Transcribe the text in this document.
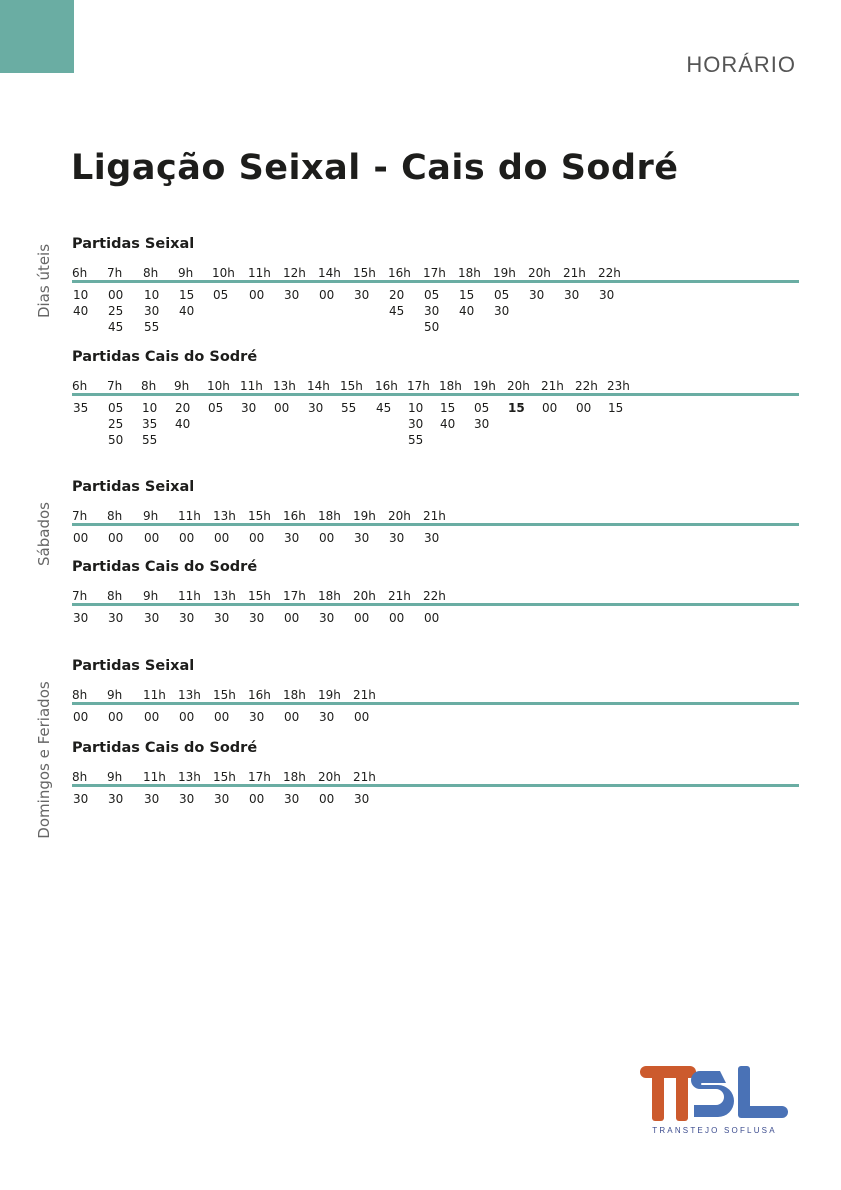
HORÁRIO
Ligação Seixal - Cais do Sodré
Dias úteis
Sábados
Domingos e Feriados
Partidas Seixal
10
40
00
25
45
10
30
55
15
40
05 00 30 00 30 20
45
05
30
50
15
40
05
30
30 30 30
6h 7h 8h 9h 10h 11h 12h 14h 15h 16h 17h 18h 19h 20h 21h 22h
Partidas Cais do Sodré
35 05
25
50
10
35
55
20
40
05 30 00 30 55 45 10
30
55
15
40
05
30
15 00 00 15
6h 7h 8h 9h 10h 11h 13h 14h 15h 16h 17h 18h 19h 20h 21h 22h 23h
Partidas Seixal
00 00 00 00 00 00 30 00 30 30 30
7h 8h 9h 11h 13h 15h 16h 18h 19h 20h 21h
Partidas Cais do Sodré
30 30 30 30 30 30 00 30 00 00 00
7h 8h 9h 11h 13h 15h 17h 18h 20h 21h 22h
Partidas Seixal
00 00 00 00 00 30 00 30 00
8h 9h 11h 13h 15h 16h 18h 19h 21h
Partidas Cais do Sodré
30 30 30 30 30 00 30 00 30
8h 9h 11h 13h 15h 17h 18h 20h 21h
TRANSTEJO SOFLUSA
